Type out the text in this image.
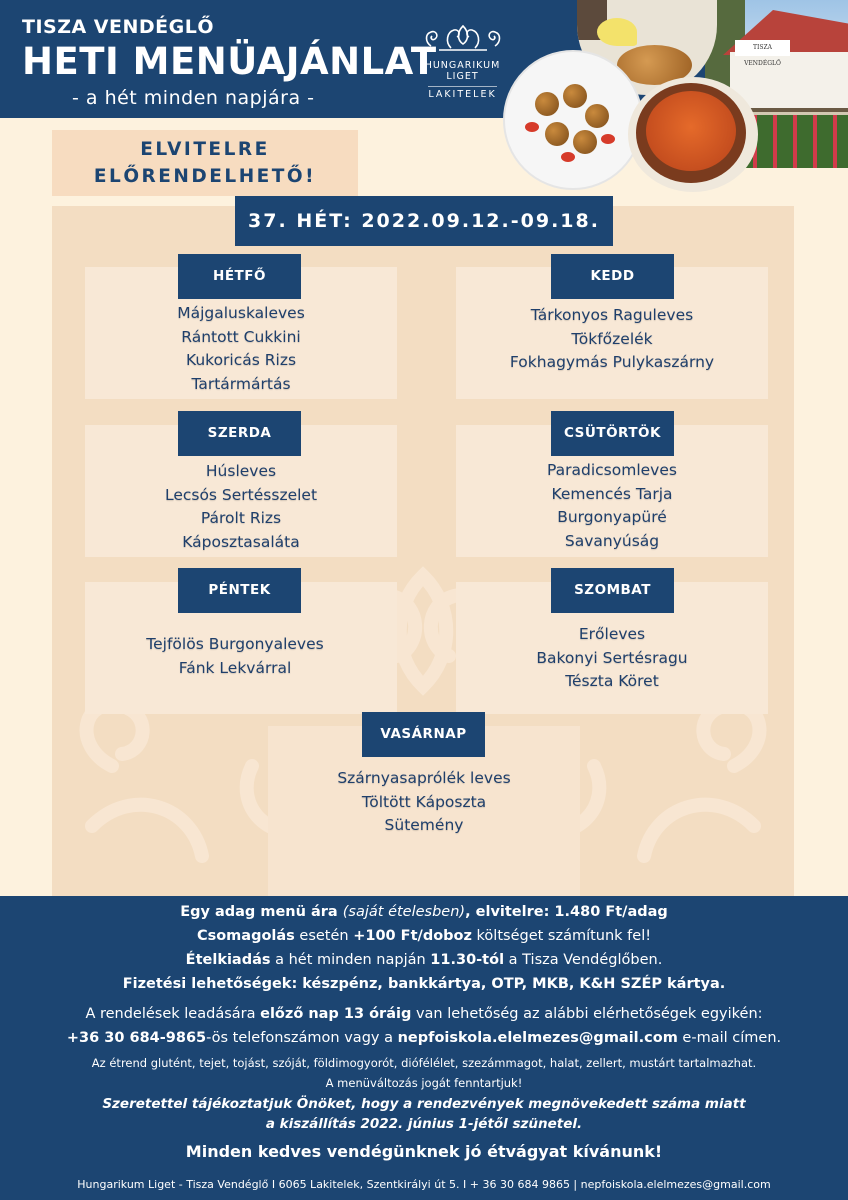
TISZA VENDÉGLŐ
HETI MENÜAJÁNLAT
- a hét minden napjára -
HUNGARIKUM LIGET
LAKITELEK
TISZA VENDÉGLŐ
ELVITELRE
ELŐRENDELHETŐ!
37. HÉT: 2022.09.12.-09.18.
HÉTFŐ
Májgaluskaleves
Rántott Cukkini
Kukoricás Rizs
Tartármártás
KEDD
Tárkonyos Raguleves
Tökfőzelék
Fokhagymás Pulykaszárny
SZERDA
Húsleves
Lecsós Sertésszelet
Párolt Rizs
Káposztasaláta
CSÜTÖRTÖK
Paradicsomleves
Kemencés Tarja
Burgonyapüré
Savanyúság
PÉNTEK
Tejfölös Burgonyaleves
Fánk Lekvárral
SZOMBAT
Erőleves
Bakonyi Sertésragu
Tészta Köret
VASÁRNAP
Szárnyasaprólék leves
Töltött Káposzta
Sütemény
Egy adag menü ára (saját ételesben), elvitelre: 1.480 Ft/adag
Csomagolás esetén +100 Ft/doboz költséget számítunk fel!
Ételkiadás a hét minden napján 11.30-tól a Tisza Vendéglőben.
Fizetési lehetőségek: készpénz, bankkártya, OTP, MKB, K&H SZÉP kártya.
A rendelések leadására előző nap 13 óráig van lehetőség az alábbi elérhetőségek egyikén:
+36 30 684-9865-ös telefonszámon vagy a nepfoiskola.elelmezes@gmail.com e-mail címen.
Az étrend glutént, tejet, tojást, szóját, földimogyorót, diófélélet, szezámmagot, halat, zellert, mustárt tartalmazhat.
A menüváltozás jogát fenntartjuk!
Szeretettel tájékoztatjuk Önöket, hogy a rendezvények megnövekedett száma miatt
a kiszállítás 2022. június 1-jétől szünetel.
Minden kedves vendégünknek jó étvágyat kívánunk!
Hungarikum Liget - Tisza Vendéglő I 6065 Lakitelek, Szentkirályi út 5. I + 36 30 684 9865 | nepfoiskola.elelmezes@gmail.com
